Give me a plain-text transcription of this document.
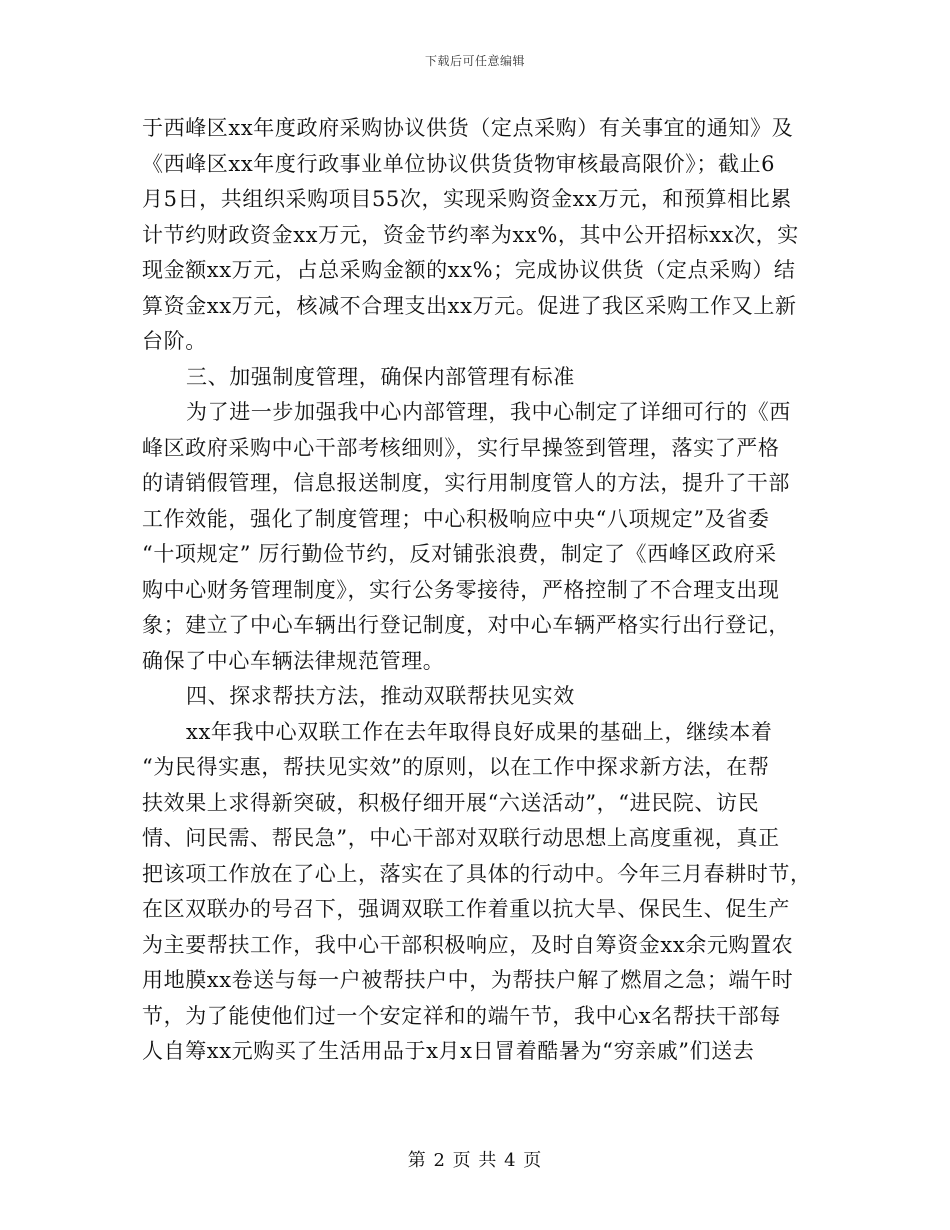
下载后可任意编辑
于西峰区xx年度政府采购协议供货（定点采购）有关事宜的通知》及
《西峰区xx年度行政事业单位协议供货货物审核最高限价》；截止6
月5日，共组织采购项目55次，实现采购资金xx万元，和预算相比累
计节约财政资金xx万元，资金节约率为xx%，其中公开招标xx次，实
现金额xx万元，占总采购金额的xx%；完成协议供货（定点采购）结
算资金xx万元，核减不合理支出xx万元。促进了我区采购工作又上新
台阶。
三、加强制度管理，确保内部管理有标准
为了进一步加强我中心内部管理，我中心制定了详细可行的《西
峰区政府采购中心干部考核细则》，实行早操签到管理，落实了严格
的请销假管理，信息报送制度，实行用制度管人的方法，提升了干部
工作效能，强化了制度管理；中心积极响应中央“八项规定”及省委
“十项规定” 厉行勤俭节约，反对铺张浪费，制定了《西峰区政府采
购中心财务管理制度》，实行公务零接待，严格控制了不合理支出现
象；建立了中心车辆出行登记制度，对中心车辆严格实行出行登记，
确保了中心车辆法律规范管理。
四、探求帮扶方法，推动双联帮扶见实效
xx年我中心双联工作在去年取得良好成果的基础上，继续本着
“为民得实惠，帮扶见实效”的原则，以在工作中探求新方法，在帮
扶效果上求得新突破，积极仔细开展“六送活动”，“进民院、访民
情、问民需、帮民急”，中心干部对双联行动思想上高度重视，真正
把该项工作放在了心上，落实在了具体的行动中。今年三月春耕时节，
在区双联办的号召下，强调双联工作着重以抗大旱、保民生、促生产
为主要帮扶工作，我中心干部积极响应，及时自筹资金xx余元购置农
用地膜xx卷送与每一户被帮扶户中，为帮扶户解了燃眉之急；端午时
节，为了能使他们过一个安定祥和的端午节，我中心x名帮扶干部每
人自筹xx元购买了生活用品于x月x日冒着酷暑为“穷亲戚”们送去
第 2 页 共 4 页
